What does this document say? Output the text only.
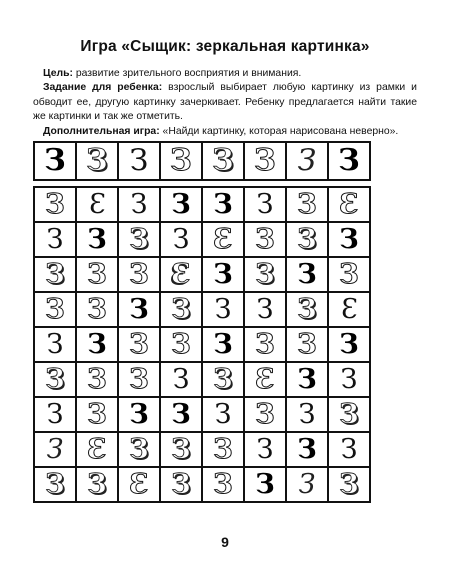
Игра «Сыщик: зеркальная картинка»

Цель: развитие зрительного восприятия и внимания.

Задание для ребенка: взрослый выбирает любую картинку из рамки и обводит ее, другую картинку зачеркивает. Ребенку предлагается найти такие же картинки и так же отметить.

Дополнительная игра: «Найди картинку, которая нарисована неверно».

З	З	З	З	З	З	З	З
З	З	З	З	З	З	З	З
З	З	З	З	З	З	З	З
З	З	З	З	З	З	З	З
З	З	З	З	З	З	З	З
З	З	З	З	З	З	З	З
З	З	З	З	З	З	З	З
З	З	З	З	З	З	З	З
З	З	З	З	З	З	З	З
З	З	З	З	З	З	З	З
9
